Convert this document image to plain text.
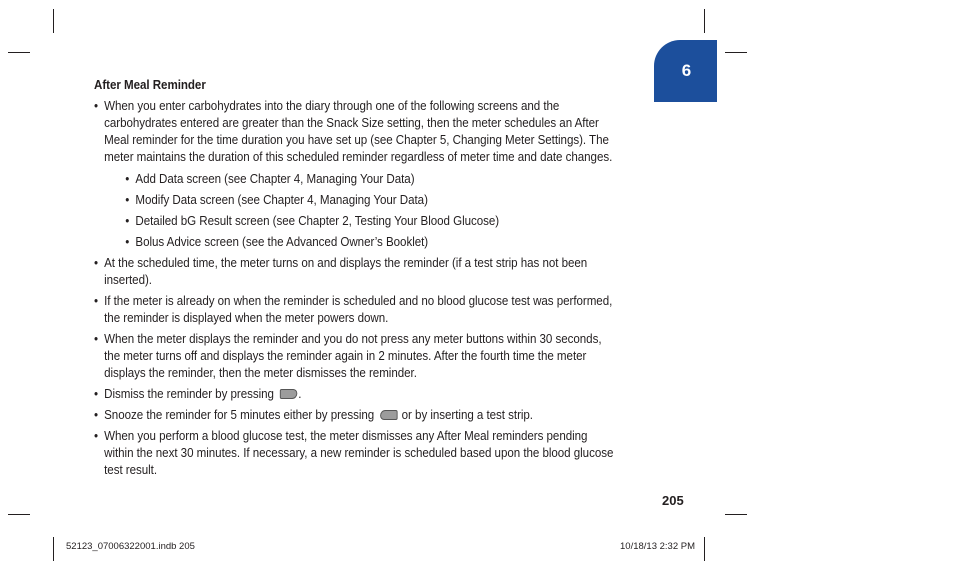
6
After Meal Reminder
• When you enter carbohydrates into the diary through one of the following screens and the carbohydrates entered are greater than the Snack Size setting, then the meter schedules an After Meal reminder for the time duration you have set up (see Chapter 5, Changing Meter Settings). The meter maintains the duration of this scheduled reminder regardless of meter time and date changes.
• Add Data screen (see Chapter 4, Managing Your Data)
• Modify Data screen (see Chapter 4, Managing Your Data)
• Detailed bG Result screen (see Chapter 2, Testing Your Blood Glucose)
• Bolus Advice screen (see the Advanced Owner’s Booklet)
• At the scheduled time, the meter turns on and displays the reminder (if a test strip has not been inserted).
• If the meter is already on when the reminder is scheduled and no blood glucose test was performed, the reminder is displayed when the meter powers down.
• When the meter displays the reminder and you do not press any meter buttons within 30 seconds, the meter turns off and displays the reminder again in 2 minutes. After the fourth time the meter displays the reminder, then the meter dismisses the reminder.
• Dismiss the reminder by pressing .
• Snooze the reminder for 5 minutes either by pressing  or by inserting a test strip.
• When you perform a blood glucose test, the meter dismisses any After Meal reminders pending within the next 30 minutes. If necessary, a new reminder is scheduled based upon the blood glucose test result.
205
52123_07006322001.indb 205	10/18/13 2:32 PM
